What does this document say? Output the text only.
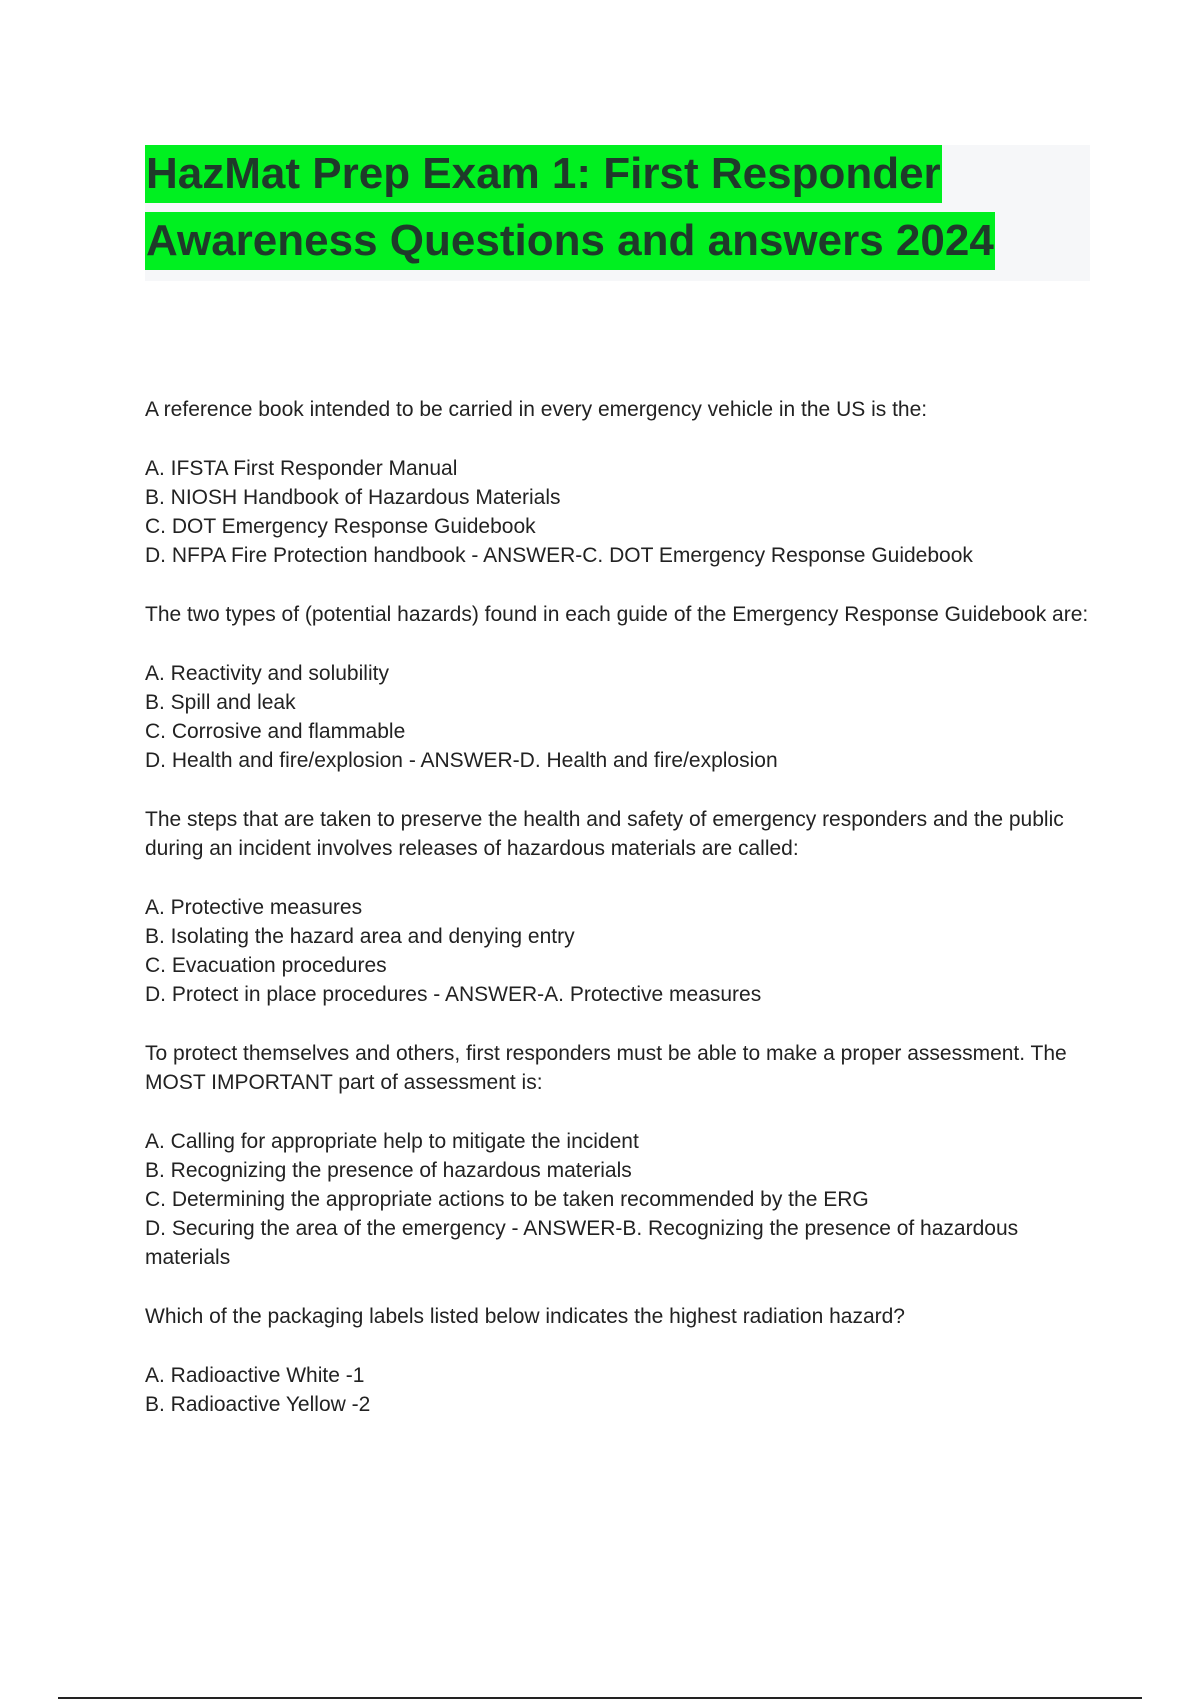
HazMat Prep Exam 1: First Responder
Awareness Questions and answers 2024

A reference book intended to be carried in every emergency vehicle in the US is the:

A. IFSTA First Responder Manual
B. NIOSH Handbook of Hazardous Materials
C. DOT Emergency Response Guidebook
D. NFPA Fire Protection handbook - ANSWER-C. DOT Emergency Response Guidebook

The two types of (potential hazards) found in each guide of the Emergency Response Guidebook are:

A. Reactivity and solubility
B. Spill and leak
C. Corrosive and flammable
D. Health and fire/explosion - ANSWER-D. Health and fire/explosion

The steps that are taken to preserve the health and safety of emergency responders and the public during an incident involves releases of hazardous materials are called:

A. Protective measures
B. Isolating the hazard area and denying entry
C. Evacuation procedures
D. Protect in place procedures - ANSWER-A. Protective measures

To protect themselves and others, first responders must be able to make a proper assessment. The MOST IMPORTANT part of assessment is:

A. Calling for appropriate help to mitigate the incident
B. Recognizing the presence of hazardous materials
C. Determining the appropriate actions to be taken recommended by the ERG
D. Securing the area of the emergency - ANSWER-B. Recognizing the presence of hazardous materials

Which of the packaging labels listed below indicates the highest radiation hazard?

A. Radioactive White -1
B. Radioactive Yellow -2
